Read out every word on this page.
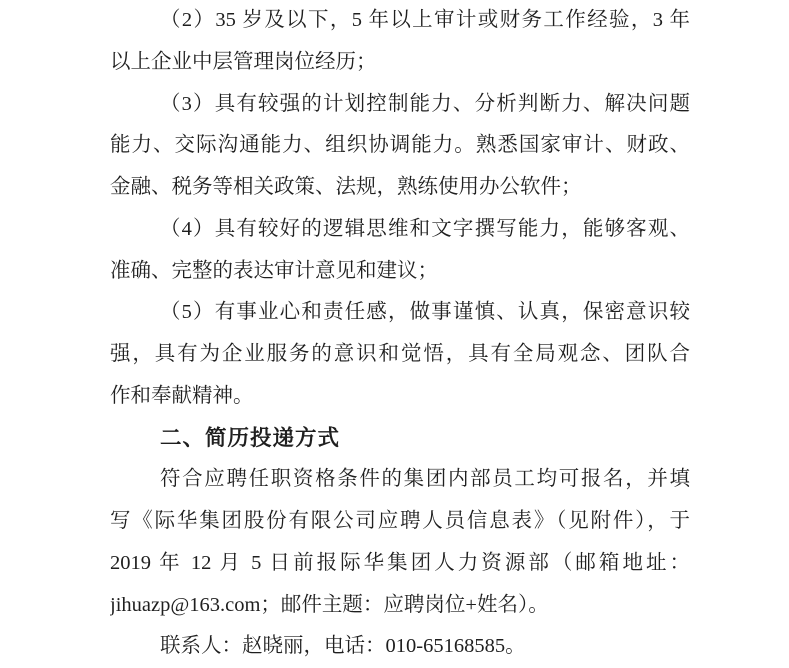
（2）35 岁及以下，5 年以上审计或财务工作经验，3 年
以上企业中层管理岗位经历；
（3）具有较强的计划控制能力、分析判断力、解决问题
能力、交际沟通能力、组织协调能力。熟悉国家审计、财政、
金融、税务等相关政策、法规，熟练使用办公软件；
（4）具有较好的逻辑思维和文字撰写能力，能够客观、
准确、完整的表达审计意见和建议；
（5）有事业心和责任感，做事谨慎、认真，保密意识较
强，具有为企业服务的意识和觉悟，具有全局观念、团队合
作和奉献精神。
二、简历投递方式
符合应聘任职资格条件的集团内部员工均可报名，并填
写《际华集团股份有限公司应聘人员信息表》（见附件），于
2019 年 12 月 5 日前报际华集团人力资源部（邮箱地址：
jihuazp@163.com；邮件主题：应聘岗位+姓名）。
联系人：赵晓丽，电话：010-65168585。
